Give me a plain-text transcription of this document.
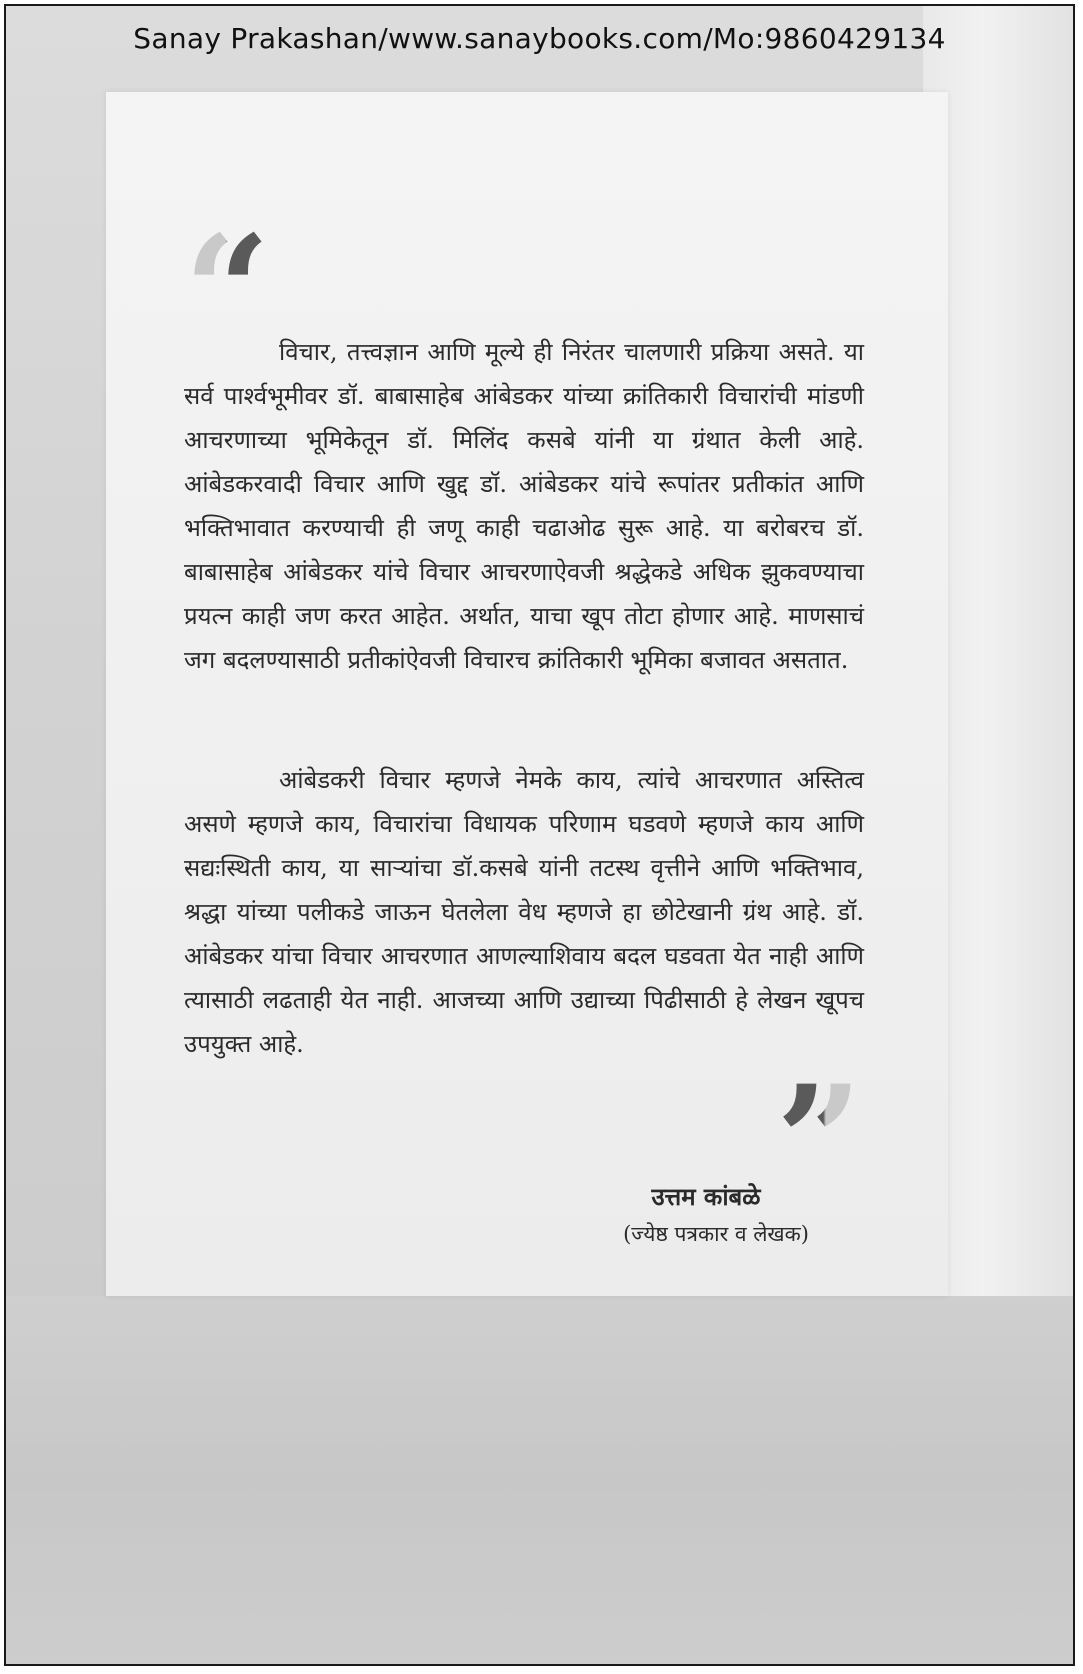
Sanay Prakashan/www.sanaybooks.com/Mo:9860429134
“ विचार, तत्त्वज्ञान आणि मूल्ये ही निरंतर चालणारी प्रक्रिया असते. या सर्व पार्श्वभूमीवर डॉ. बाबासाहेब आंबेडकर यांच्या क्रांतिकारी विचारांची मांडणी आचरणाच्या भूमिकेतून डॉ. मिलिंद कसबे यांनी या ग्रंथात केली आहे. आंबेडकरवादी विचार आणि खुद्द डॉ. आंबेडकर यांचे रूपांतर प्रतीकांत आणि भक्तिभावात करण्याची ही जणू काही चढाओढ सुरू आहे. या बरोबरच डॉ. बाबासाहेब आंबेडकर यांचे विचार आचरणाऐवजी श्रद्धेकडे अधिक झुकवण्याचा प्रयत्न काही जण करत आहेत. अर्थात, याचा खूप तोटा होणार आहे. माणसाचं जग बदलण्यासाठी प्रतीकांऐवजी विचारच क्रांतिकारी भूमिका बजावत असतात.

आंबेडकरी विचार म्हणजे नेमके काय, त्यांचे आचरणात अस्तित्व असणे म्हणजे काय, विचारांचा विधायक परिणाम घडवणे म्हणजे काय आणि सद्यःस्थिती काय, या साऱ्यांचा डॉ.कसबे यांनी तटस्थ वृत्तीने आणि भक्तिभाव, श्रद्धा यांच्या पलीकडे जाऊन घेतलेला वेध म्हणजे हा छोटेखानी ग्रंथ आहे. डॉ. आंबेडकर यांचा विचार आचरणात आणल्याशिवाय बदल घडवता येत नाही आणि त्यासाठी लढताही येत नाही. आजच्या आणि उद्याच्या पिढीसाठी हे लेखन खूपच उपयुक्त आहे.

”
उत्तम कांबळे
(ज्येष्ठ पत्रकार व लेखक)
